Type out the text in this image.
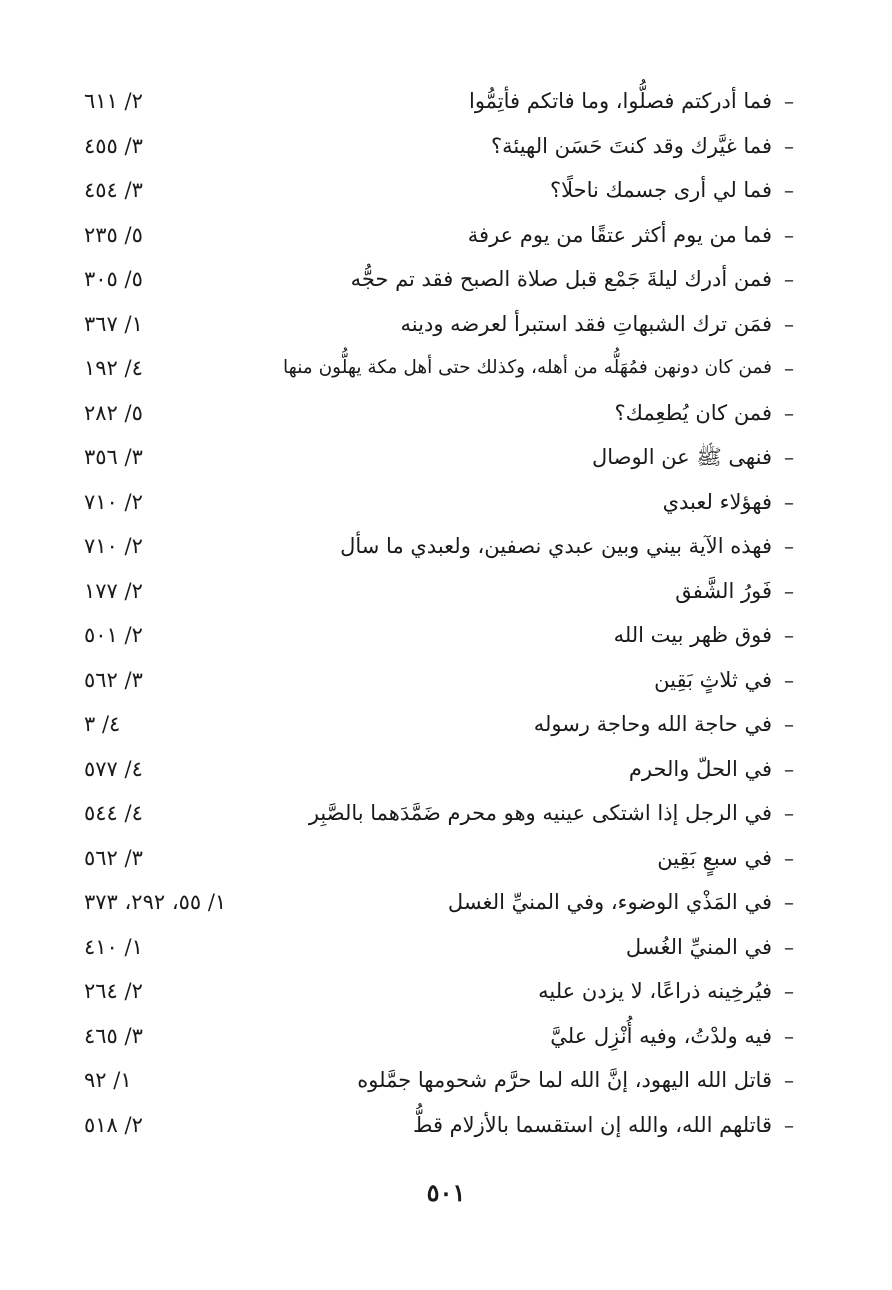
–
فما أدركتم فصلُّوا، وما فاتكم فأتِمُّوا
٢/ ٦١١
–
فما غيَّرك وقد كنتَ حَسَن الهيئة؟
٣/ ٤٥٥
–
فما لي أرى جسمك ناحلًا؟
٣/ ٤٥٤
–
فما من يوم أكثر عتقًا من يوم عرفة
٥/ ٢٣٥
–
فمن أدرك ليلةَ جَمْع قبل صلاة الصبح فقد تم حجُّه
٥/ ٣٠٥
–
فمَن ترك الشبهاتِ فقد استبرأ لعرضه ودينه
١/ ٣٦٧
–
فمن كان دونهن فمُهَلُّه من أهله، وكذلك حتى أهل مكة يهلُّون منها
٤/ ١٩٢
–
فمن كان يُطعِمك؟
٥/ ٢٨٢
–
فنهى ﷺ عن الوصال
٣/ ٣٥٦
–
فهؤلاء لعبدي
٢/ ٧١٠
–
فهذه الآية بيني وبين عبدي نصفين، ولعبدي ما سأل
٢/ ٧١٠
–
فَورُ الشَّفق
٢/ ١٧٧
–
فوق ظهر بيت الله
٢/ ٥٠١
–
في ثلاثٍ بَقِين
٣/ ٥٦٢
–
في حاجة الله وحاجة رسوله
٤/ ٣
–
في الحلّ والحرم
٤/ ٥٧٧
–
في الرجل إذا اشتكى عينيه وهو محرم ضَمَّدَهما بالصَّبِر
٤/ ٥٤٤
–
في سبعٍ بَقِين
٣/ ٥٦٢
–
في المَذْي الوضوء، وفي المنيِّ الغسل
١/ ٥٥، ٢٩٢، ٣٧٣
–
في المنيِّ الغُسل
١/ ٤١٠
–
فيُرخِينه ذراعًا، لا يزدن عليه
٢/ ٢٦٤
–
فيه ولدْتُ، وفيه أُنْزِل عليَّ
٣/ ٤٦٥
–
قاتل الله اليهود، إنَّ الله لما حرَّم شحومها جمَّلوه
١/ ٩٢
–
قاتلهم الله، والله إن استقسما بالأزلام قطُّ
٢/ ٥١٨
٥٠١
